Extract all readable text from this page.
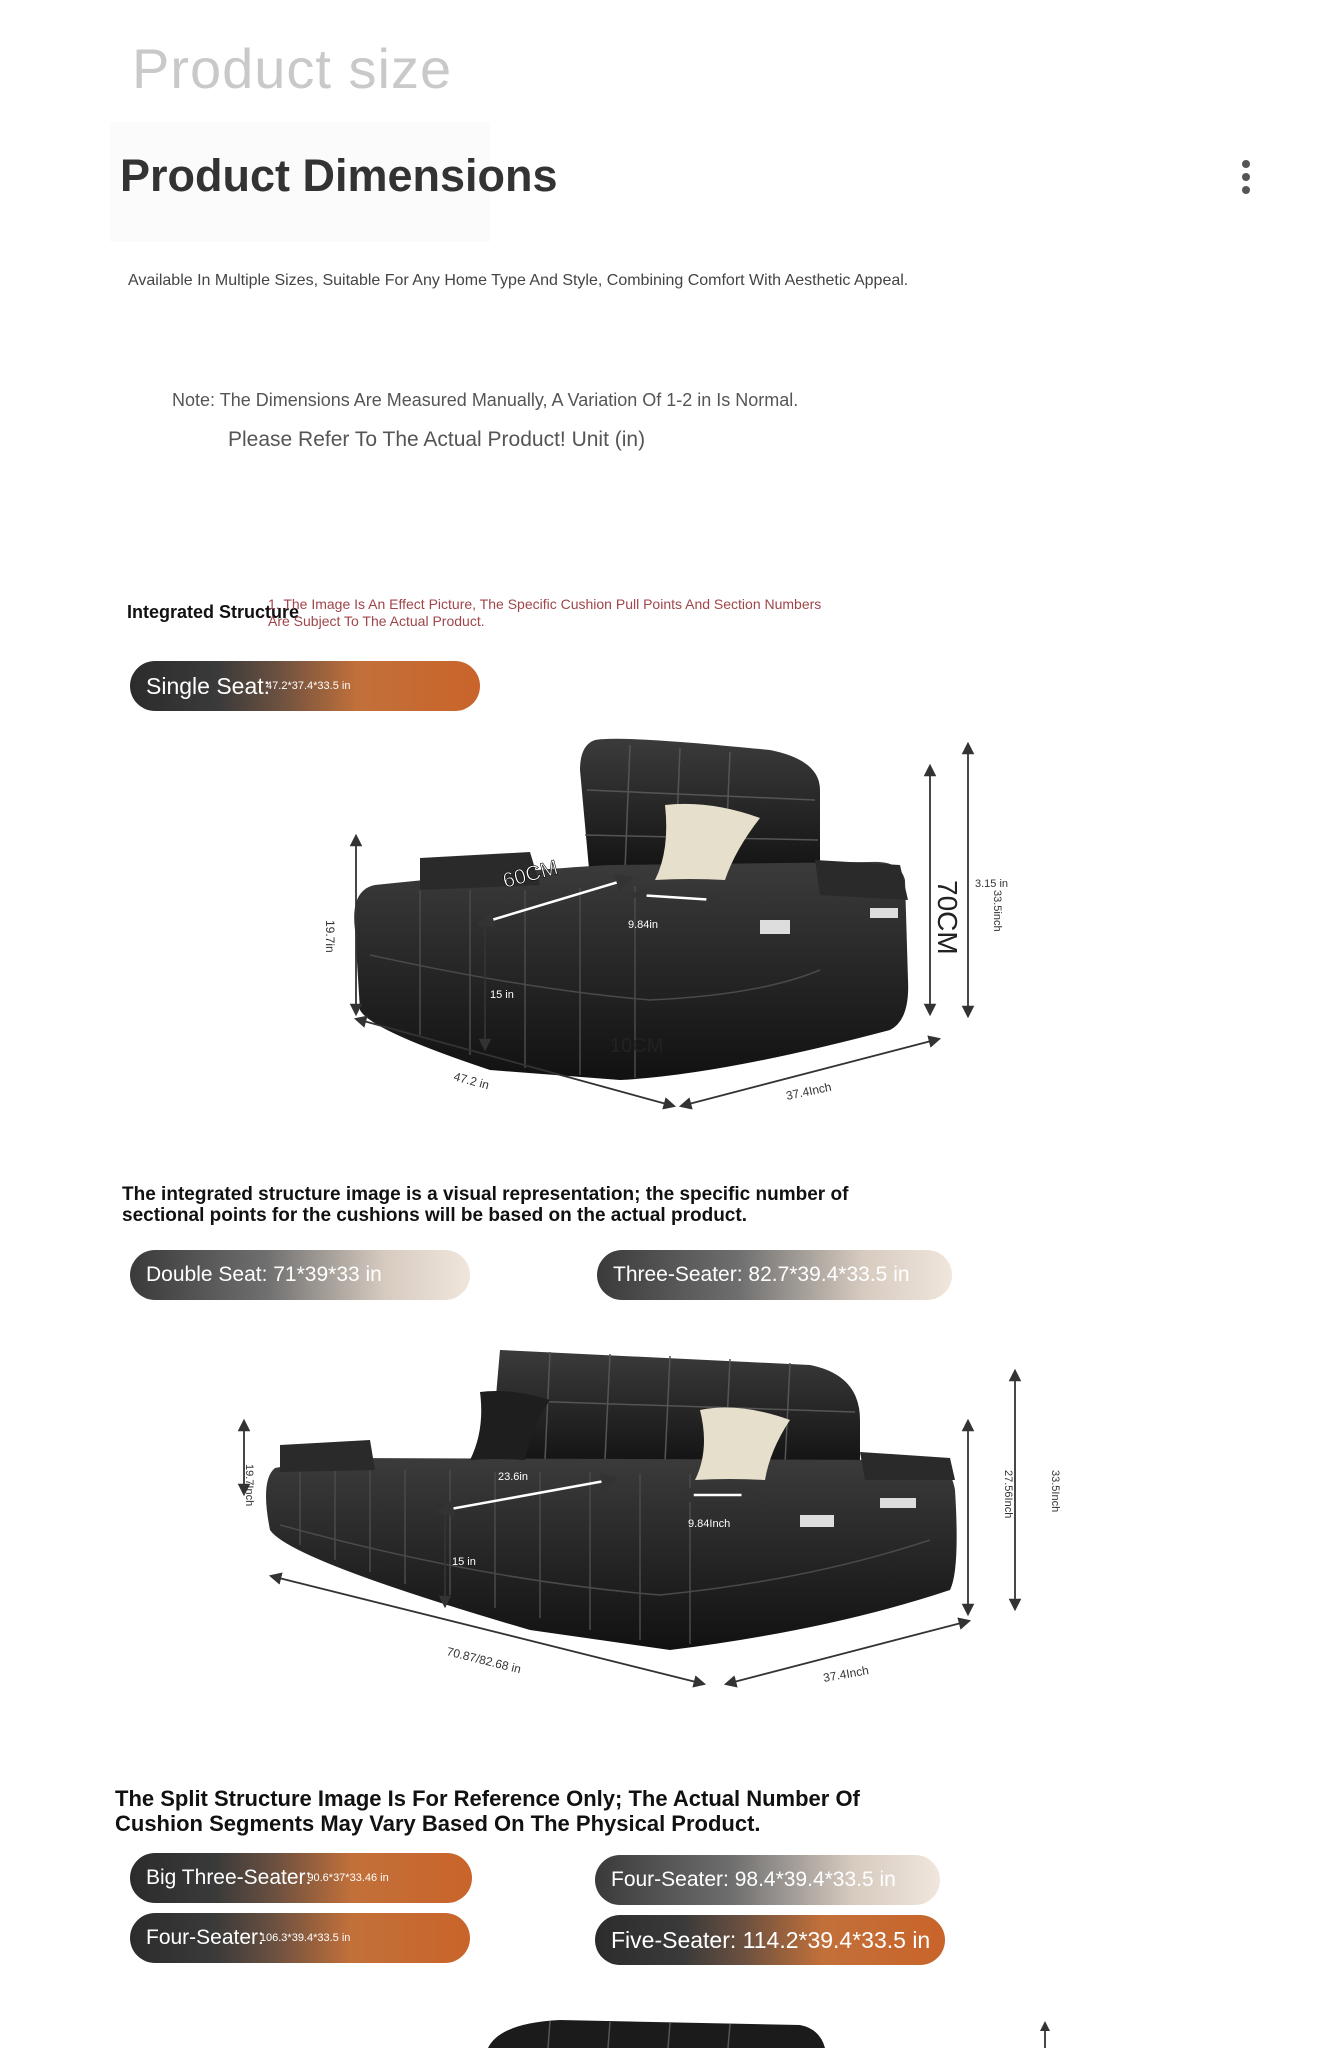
Product size
Product Dimensions
Available In Multiple Sizes, Suitable For Any Home Type And Style, Combining Comfort With Aesthetic Appeal.
Note: The Dimensions Are Measured Manually, A Variation Of 1-2 in Is Normal.
Please Refer To The Actual Product! Unit (in)
Integrated Structure
1. The Image Is An Effect Picture, The Specific Cushion Pull Points And Section Numbers Are Subject To The Actual Product.
Single Seat:
47.2*37.4*33.5 in
60CM
9.84in
15 in
19.7in	70CM 3.15 in
33.5inch
10CM
47.2 in	37.4Inch
The integrated structure image is a visual representation; the specific number of sectional points for the cushions will be based on the actual product.
Double Seat: 71*39*33 in	Three-Seater: 82.7*39.4*33.5 in
23.6in
9.84Inch
15 in
19.7Inch	27.56Inch	33.5Inch
70.87/82.68 in	37.4Inch
The Split Structure Image Is For Reference Only; The Actual Number Of Cushion Segments May Vary Based On The Physical Product.
Big Three-Seater:
90.6*37*33.46 in
Four-Seater:
106.3*39.4*33.5 in
Four-Seater: 98.4*39.4*33.5 in
Five-Seater: 114.2*39.4*33.5 in
